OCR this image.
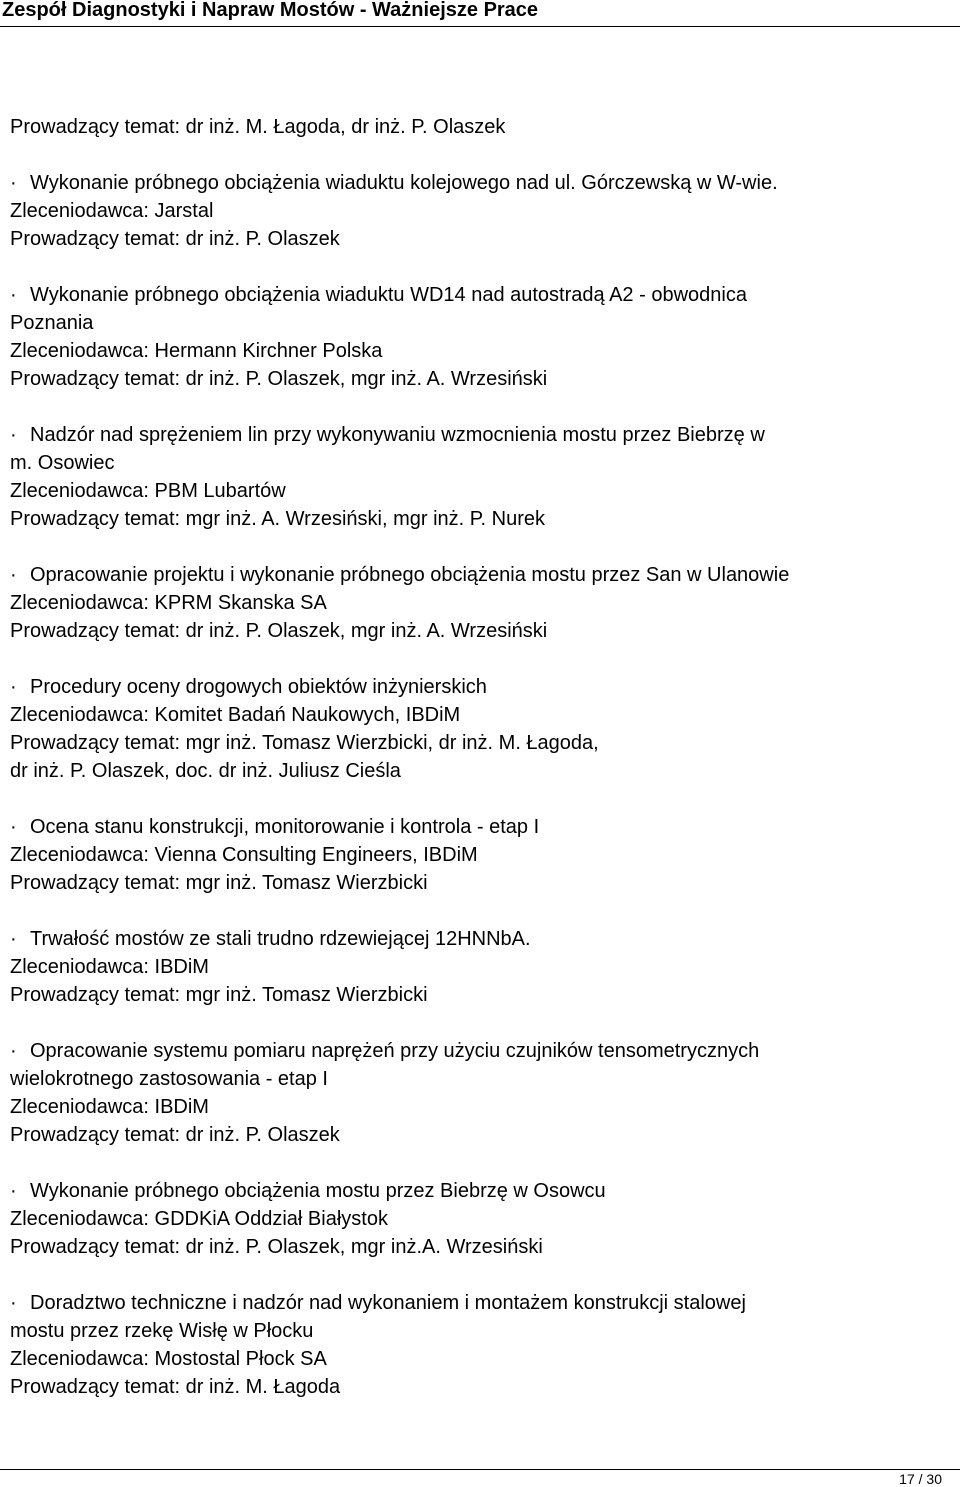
Zespół Diagnostyki i Napraw Mostów - Ważniejsze Prace
Prowadzący temat: dr inż. M. Łagoda, dr inż. P. Olaszek
· Wykonanie próbnego obciążenia wiaduktu kolejowego nad ul. Górczewską w W-wie.
Zleceniodawca: Jarstal
Prowadzący temat: dr inż. P. Olaszek
· Wykonanie próbnego obciążenia wiaduktu WD14 nad autostradą A2 - obwodnica
Poznania
Zleceniodawca: Hermann Kirchner Polska
Prowadzący temat: dr inż. P. Olaszek, mgr inż. A. Wrzesiński
· Nadzór nad sprężeniem lin przy wykonywaniu wzmocnienia mostu przez Biebrzę w
m. Osowiec
Zleceniodawca: PBM Lubartów
Prowadzący temat: mgr inż. A. Wrzesiński, mgr inż. P. Nurek
· Opracowanie projektu i wykonanie próbnego obciążenia mostu przez San w Ulanowie
Zleceniodawca: KPRM Skanska SA
Prowadzący temat: dr inż. P. Olaszek, mgr inż. A. Wrzesiński
· Procedury oceny drogowych obiektów inżynierskich
Zleceniodawca: Komitet Badań Naukowych, IBDiM
Prowadzący temat: mgr inż. Tomasz Wierzbicki, dr inż. M. Łagoda,
dr inż. P. Olaszek, doc. dr inż. Juliusz Cieśla
· Ocena stanu konstrukcji, monitorowanie i kontrola - etap I
Zleceniodawca: Vienna Consulting Engineers, IBDiM
Prowadzący temat: mgr inż. Tomasz Wierzbicki
· Trwałość mostów ze stali trudno rdzewiejącej 12HNNbA.
Zleceniodawca: IBDiM
Prowadzący temat: mgr inż. Tomasz Wierzbicki
· Opracowanie systemu pomiaru naprężeń przy użyciu czujników tensometrycznych
wielokrotnego zastosowania - etap I
Zleceniodawca: IBDiM
Prowadzący temat: dr inż. P. Olaszek
· Wykonanie próbnego obciążenia mostu przez Biebrzę w Osowcu
Zleceniodawca: GDDKiA Oddział Białystok
Prowadzący temat: dr inż. P. Olaszek, mgr inż.A. Wrzesiński
· Doradztwo techniczne i nadzór nad wykonaniem i montażem konstrukcji stalowej
mostu przez rzekę Wisłę w Płocku
Zleceniodawca: Mostostal Płock SA
Prowadzący temat: dr inż. M. Łagoda
17 / 30
